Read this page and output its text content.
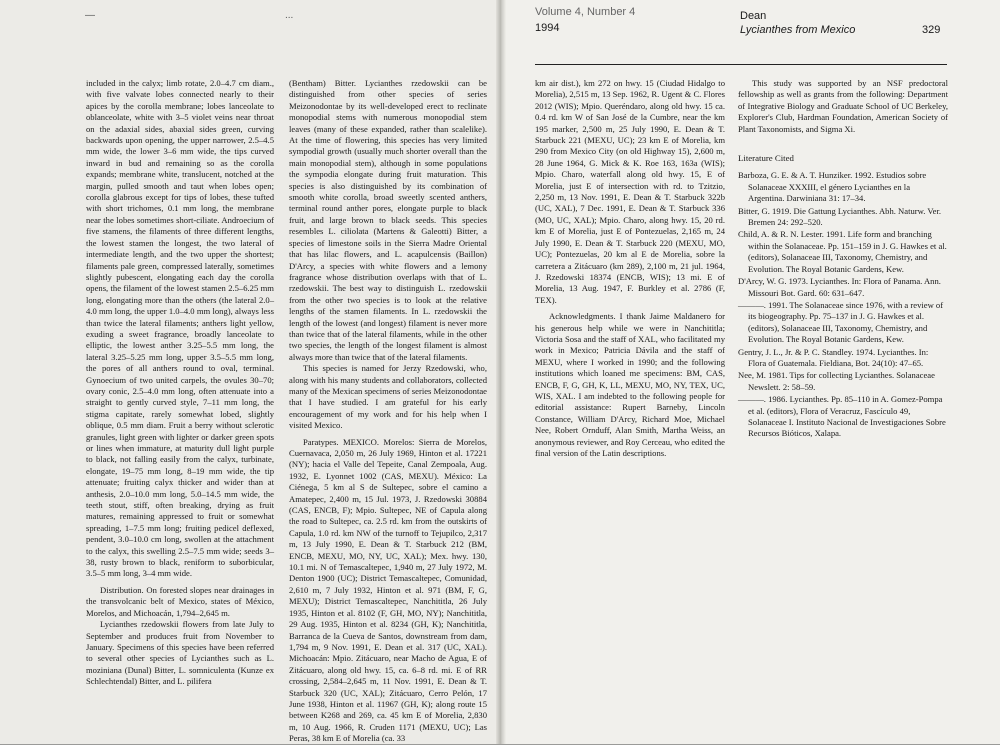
—	...

included in the calyx; limb rotate, 2.0–4.7 cm diam., with five valvate lobes connected nearly to their apices by the corolla membrane; lobes lanceolate to oblanceolate, white with 3–5 violet veins near throat on the adaxial sides, abaxial sides green, curving backwards upon opening, the upper narrower, 2.5–4.5 mm wide, the lower 3–6 mm wide, the tips curved inward in bud and remaining so as the corolla expands; membrane white, translucent, notched at the margin, pulled smooth and taut when lobes open; corolla glabrous except for tips of lobes, these tufted with short trichomes, 0.1 mm long, the membrane near the lobes sometimes short-ciliate. Androecium of five stamens, the filaments of three different lengths, the lowest stamen the longest, the two lateral of intermediate length, and the two upper the shortest; filaments pale green, compressed laterally, sometimes slightly pubescent, elongating each day the corolla opens, the filament of the lowest stamen 2.5–6.25 mm long, elongating more than the others (the lateral 2.0–4.0 mm long, the upper 1.0–4.0 mm long), always less than twice the lateral filaments; anthers light yellow, exuding a sweet fragrance, broadly lanceolate to elliptic, the lowest anther 3.25–5.5 mm long, the lateral 3.25–5.25 mm long, upper 3.5–5.5 mm long, the pores of all anthers round to oval, terminal. Gynoecium of two united carpels, the ovules 30–70; ovary conic, 2.5–4.0 mm long, often attenuate into a straight to gently curved style, 7–11 mm long, the stigma capitate, rarely somewhat lobed, slightly oblique, 0.5 mm diam. Fruit a berry without sclerotic granules, light green with lighter or darker green spots or lines when immature, at maturity dull light purple to black, not falling easily from the calyx, turbinate, elongate, 19–75 mm long, 8–19 mm wide, the tip attenuate; fruiting calyx thicker and wider than at anthesis, 2.0–10.0 mm long, 5.0–14.5 mm wide, the teeth stout, stiff, often breaking, drying as fruit matures, remaining appressed to fruit or somewhat spreading, 1–7.5 mm long; fruiting pedicel deflexed, pendent, 3.0–10.0 cm long, swollen at the attachment to the calyx, this swelling 2.5–7.5 mm wide; seeds 3–38, rusty brown to black, reniform to suborbicular, 3.5–5 mm long, 3–4 mm wide.

Distribution. On forested slopes near drainages in the transvolcanic belt of Mexico, states of México, Morelos, and Michoacán, 1,794–2,645 m.

Lycianthes rzedowskii flowers from late July to September and produces fruit from November to January. Specimens of this species have been referred to several other species of Lycianthes such as L. moziniana (Dunal) Bitter, L. somniculenta (Kunze ex Schlechtendal) Bitter, and L. pilifera

(Bentham) Bitter. Lycianthes rzedowskii can be distinguished from other species of series Meizonodontae by its well-developed erect to reclinate monopodial stems with numerous monopodial stem leaves (many of these expanded, rather than scalelike). At the time of flowering, this species has very limited sympodial growth (usually much shorter overall than the main monopodial stem), although in some populations the sympodia elongate during fruit maturation. This species is also distinguished by its combination of smooth white corolla, broad sweetly scented anthers, terminal round anther pores, elongate purple to black fruit, and large brown to black seeds. This species resembles L. ciliolata (Martens & Galeotti) Bitter, a species of limestone soils in the Sierra Madre Oriental that has lilac flowers, and L. acapulcensis (Baillon) D'Arcy, a species with white flowers and a lemony fragrance whose distribution overlaps with that of L. rzedowskii. The best way to distinguish L. rzedowskii from the other two species is to look at the relative lengths of the stamen filaments. In L. rzedowskii the length of the lowest (and longest) filament is never more than twice that of the lateral filaments, while in the other two species, the length of the longest filament is almost always more than twice that of the lateral filaments.

This species is named for Jerzy Rzedowski, who, along with his many students and collaborators, collected many of the Mexican specimens of series Meizonodontae that I have studied. I am grateful for his early encouragement of my work and for his help when I visited Mexico.

Paratypes. MEXICO. Morelos: Sierra de Morelos, Cuernavaca, 2,050 m, 26 July 1969, Hinton et al. 17221 (NY); hacia el Valle del Tepeite, Canal Zempoala, Aug. 1932, E. Lyonnet 1002 (CAS, MEXU). México: La Ciénega, 5 km al S de Sultepec, sobre el camino a Amatepec, 2,400 m, 15 Jul. 1973, J. Rzedowski 30884 (CAS, ENCB, F); Mpio. Sultepec, NE of Capula along the road to Sultepec, ca. 2.5 rd. km from the outskirts of Capula, 1.0 rd. km NW of the turnoff to Tejupilco, 2,317 m, 13 July 1990, E. Dean & T. Starbuck 212 (BM, ENCB, MEXU, MO, NY, UC, XAL); Mex. hwy. 130, 10.1 mi. N of Temascaltepec, 1,940 m, 27 July 1972, M. Denton 1900 (UC); District Temascaltepec, Comunidad, 2,610 m, 7 July 1932, Hinton et al. 971 (BM, F, G, MEXU); District Temascaltepec, Nanchititla, 26 July 1935, Hinton et al. 8102 (F, GH, MO, NY); Nanchititla, 29 Aug. 1935, Hinton et al. 8234 (GH, K); Nanchititla, Barranca de la Cueva de Santos, downstream from dam, 1,794 m, 9 Nov. 1991, E. Dean et al. 317 (UC, XAL). Michoacán: Mpio. Zitácuaro, near Macho de Agua, E of Zitácuaro, along old hwy. 15, ca. 6–8 rd. mi. E of RR crossing, 2,584–2,645 m, 11 Nov. 1991, E. Dean & T. Starbuck 320 (UC, XAL); Zitácuaro, Cerro Pelón, 17 June 1938, Hinton et al. 11967 (GH, K); along route 15 between K268 and 269, ca. 45 km E of Morelia, 2,830 m, 10 Aug. 1966, R. Cruden 1171 (MEXU, UC); Las Peras, 38 km E of Morelia (ca. 33

Volume 4, Number 4
1994
Dean
Lycianthes from Mexico	329

km air dist.), km 272 on hwy. 15 (Ciudad Hidalgo to Morelia), 2,515 m, 13 Sep. 1962, R. Ugent & C. Flores 2012 (WIS); Mpio. Queréndaro, along old hwy. 15 ca. 0.4 rd. km W of San José de la Cumbre, near the km 195 marker, 2,500 m, 25 July 1990, E. Dean & T. Starbuck 221 (MEXU, UC); 23 km E of Morelia, km 290 from Mexico City (on old Highway 15), 2,600 m, 28 June 1964, G. Mick & K. Roe 163, 163a (WIS); Mpio. Charo, waterfall along old hwy. 15, E of Morelia, just E of intersection with rd. to Tzitzio, 2,250 m, 13 Nov. 1991, E. Dean & T. Starbuck 322b (UC, XAL), 7 Dec. 1991, E. Dean & T. Starbuck 336 (MO, UC, XAL); Mpio. Charo, along hwy. 15, 20 rd. km E of Morelia, just E of Pontezuelas, 2,165 m, 24 July 1990, E. Dean & T. Starbuck 220 (MEXU, MO, UC); Pontezuelas, 20 km al E de Morelia, sobre la carretera a Zitácuaro (km 289), 2,100 m, 21 jul. 1964, J. Rzedowski 18374 (ENCB, WIS); 13 mi. E of Morelia, 13 Aug. 1947, F. Burkley et al. 2786 (F, TEX).

Acknowledgments. I thank Jaime Maldanero for his generous help while we were in Nanchititla; Victoria Sosa and the staff of XAL, who facilitated my work in Mexico; Patricia Dávila and the staff of MEXU, where I worked in 1990; and the following institutions which loaned me specimens: BM, CAS, ENCB, F, G, GH, K, LL, MEXU, MO, NY, TEX, UC, WIS, XAL. I am indebted to the following people for editorial assistance: Rupert Barneby, Lincoln Constance, William D'Arcy, Richard Moe, Michael Nee, Robert Ornduff, Alan Smith, Martha Weiss, an anonymous reviewer, and Roy Cerceau, who edited the final version of the Latin descriptions.

This study was supported by an NSF predoctoral fellowship as well as grants from the following: Department of Integrative Biology and Graduate School of UC Berkeley, Explorer's Club, Hardman Foundation, American Society of Plant Taxonomists, and Sigma Xi.

Literature Cited

Barboza, G. E. & A. T. Hunziker. 1992. Estudios sobre Solanaceae XXXIII, el género Lycianthes en la Argentina. Darwiniana 31: 17–34.

Bitter, G. 1919. Die Gattung Lycianthes. Abh. Naturw. Ver. Bremen 24: 292–520.

Child, A. & R. N. Lester. 1991. Life form and branching within the Solanaceae. Pp. 151–159 in J. G. Hawkes et al. (editors), Solanaceae III, Taxonomy, Chemistry, and Evolution. The Royal Botanic Gardens, Kew.

D'Arcy, W. G. 1973. Lycianthes. In: Flora of Panama. Ann. Missouri Bot. Gard. 60: 631–647.

———. 1991. The Solanaceae since 1976, with a review of its biogeography. Pp. 75–137 in J. G. Hawkes et al. (editors), Solanaceae III, Taxonomy, Chemistry, and Evolution. The Royal Botanic Gardens, Kew.

Gentry, J. L., Jr. & P. C. Standley. 1974. Lycianthes. In: Flora of Guatemala. Fieldiana, Bot. 24(10): 47–65.

Nee, M. 1981. Tips for collecting Lycianthes. Solanaceae Newslett. 2: 58–59.

———. 1986. Lycianthes. Pp. 85–110 in A. Gomez-Pompa et al. (editors), Flora of Veracruz, Fascículo 49, Solanaceae I. Instituto Nacional de Investigaciones Sobre Recursos Bióticos, Xalapa.
